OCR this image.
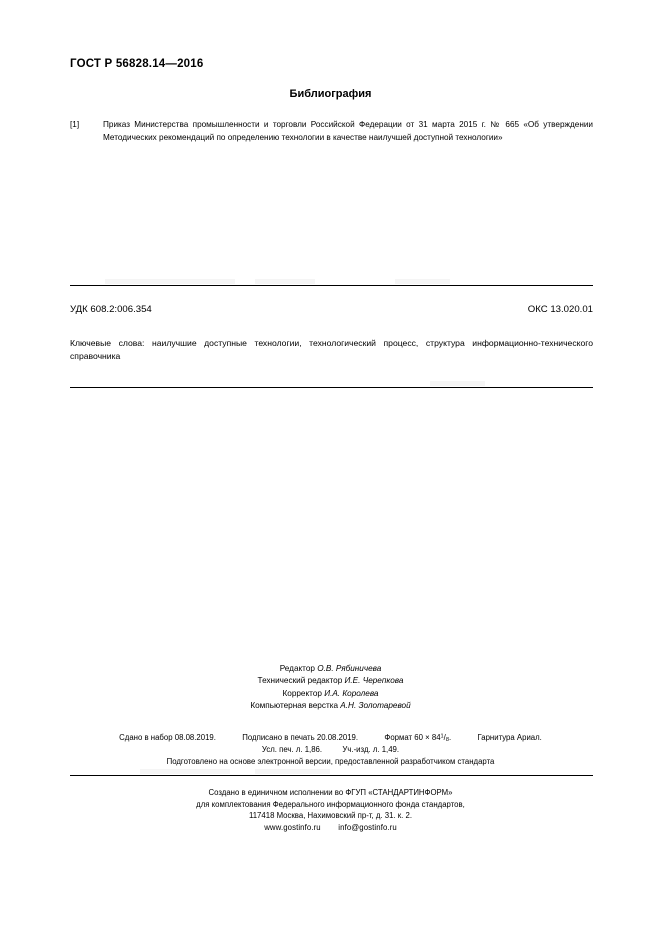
ГОСТ Р 56828.14—2016
Библиография
[1]	Приказ Министерства промышленности и торговли Российской Федерации от 31 марта 2015 г. № 665 «Об утверждении Методических рекомендаций по определению технологии в качестве наилучшей доступной технологии»
УДК 608.2:006.354	ОКС 13.020.01
Ключевые слова: наилучшие доступные технологии, технологический процесс, структура информационно-технического справочника
Редактор О.В. Рябиничева
Технический редактор И.Е. Черепкова
Корректор И.А. Королева
Компьютерная верстка А.Н. Золотаревой
Сдано в набор 08.08.2019.	Подписано в печать 20.08.2019.	Формат $60 \times 84^1/_8$.	Гарнитура Ариал.
Усл. печ. л. 1,86.	Уч.-изд. л. 1,49.
Подготовлено на основе электронной версии, предоставленной разработчиком стандарта
Создано в единичном исполнении во ФГУП «СТАНДАРТИНФОРМ»
для комплектования Федерального информационного фонда стандартов,
117418 Москва, Нахимовский пр-т, д. 31. к. 2.
www.gostinfo.ru info@gostinfo.ru
